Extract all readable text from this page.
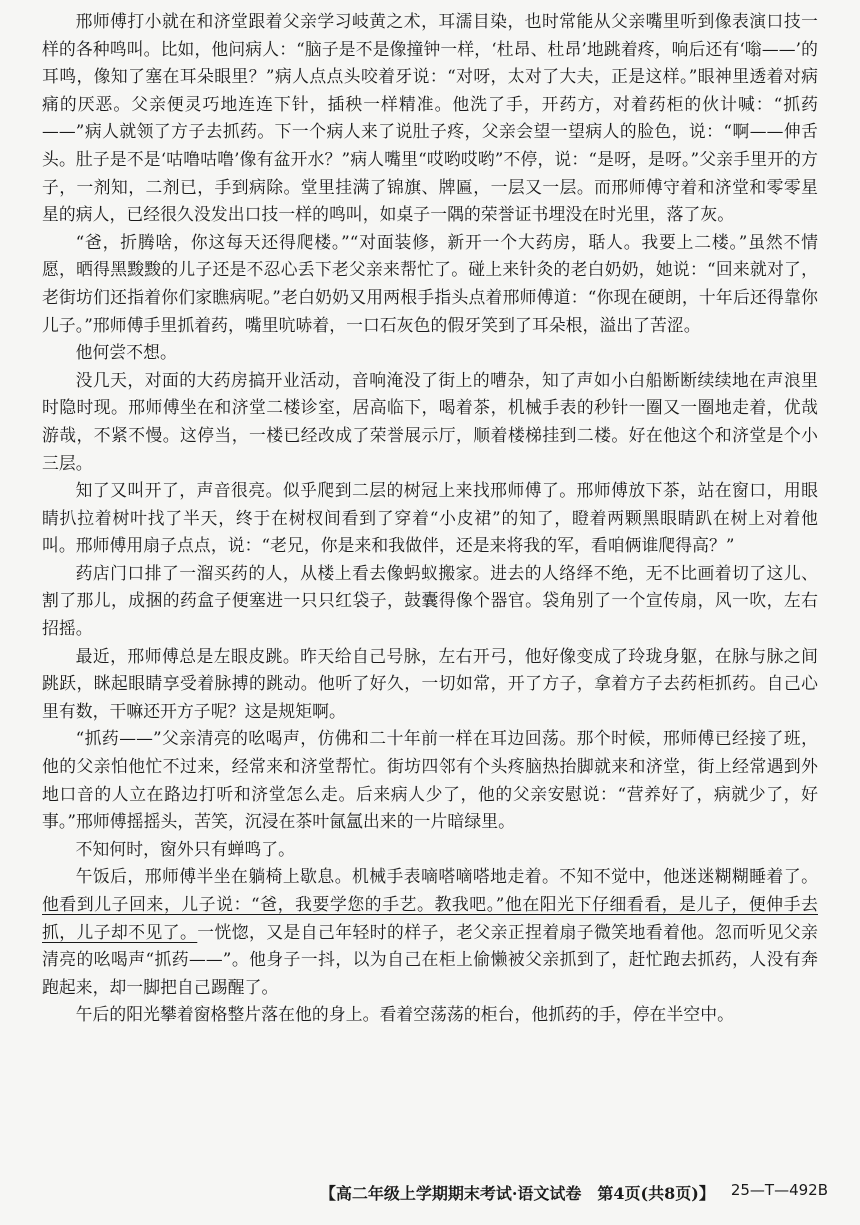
邢师傅打小就在和济堂跟着父亲学习岐黄之术，耳濡目染，也时常能从父亲嘴里听到像表演口技一样的各种鸣叫。比如，他问病人：“脑子是不是像撞钟一样，‘杜昂、杜昂’地跳着疼，响后还有‘嗡——’的耳鸣，像知了塞在耳朵眼里？”病人点点头咬着牙说：“对呀，太对了大夫，正是这样。”眼神里透着对病痛的厌恶。父亲便灵巧地连连下针，插秧一样精准。他洗了手，开药方，对着药柜的伙计喊：“抓药——”病人就领了方子去抓药。下一个病人来了说肚子疼，父亲会望一望病人的脸色，说：“啊——伸舌头。肚子是不是‘咕噜咕噜’像有盆开水？”病人嘴里“哎哟哎哟”不停，说：“是呀，是呀。”父亲手里开的方子，一剂知，二剂已，手到病除。堂里挂满了锦旗、牌匾，一层又一层。而邢师傅守着和济堂和零零星星的病人，已经很久没发出口技一样的鸣叫，如桌子一隅的荣誉证书埋没在时光里，落了灰。

“爸，折腾啥，你这每天还得爬楼。”“对面装修，新开一个大药房，聒人。我要上二楼。”虽然不情愿，晒得黑黢黢的儿子还是不忍心丢下老父亲来帮忙了。碰上来针灸的老白奶奶，她说：“回来就对了，老街坊们还指着你们家瞧病呢。”老白奶奶又用两根手指头点着邢师傅道：“你现在硬朗，十年后还得靠你儿子。”邢师傅手里抓着药，嘴里吭哧着，一口石灰色的假牙笑到了耳朵根，溢出了苦涩。

他何尝不想。

没几天，对面的大药房搞开业活动，音响淹没了街上的嘈杂，知了声如小白船断断续续地在声浪里时隐时现。邢师傅坐在和济堂二楼诊室，居高临下，喝着茶，机械手表的秒针一圈又一圈地走着，优哉游哉，不紧不慢。这停当，一楼已经改成了荣誉展示厅，顺着楼梯挂到二楼。好在他这个和济堂是个小三层。

知了又叫开了，声音很亮。似乎爬到二层的树冠上来找邢师傅了。邢师傅放下茶，站在窗口，用眼睛扒拉着树叶找了半天，终于在树杈间看到了穿着“小皮裙”的知了，瞪着两颗黑眼睛趴在树上对着他叫。邢师傅用扇子点点，说：“老兄，你是来和我做伴，还是来将我的军，看咱俩谁爬得高？”

药店门口排了一溜买药的人，从楼上看去像蚂蚁搬家。进去的人络绎不绝，无不比画着切了这儿、割了那儿，成捆的药盒子便塞进一只只红袋子，鼓囊得像个器官。袋角别了一个宣传扇，风一吹，左右招摇。

最近，邢师傅总是左眼皮跳。昨天给自己号脉，左右开弓，他好像变成了玲珑身躯，在脉与脉之间跳跃，眯起眼睛享受着脉搏的跳动。他听了好久，一切如常，开了方子，拿着方子去药柜抓药。自己心里有数，干嘛还开方子呢？这是规矩啊。

“抓药——”父亲清亮的吆喝声，仿佛和二十年前一样在耳边回荡。那个时候，邢师傅已经接了班，他的父亲怕他忙不过来，经常来和济堂帮忙。街坊四邻有个头疼脑热抬脚就来和济堂，街上经常遇到外地口音的人立在路边打听和济堂怎么走。后来病人少了，他的父亲安慰说：“营养好了，病就少了，好事。”邢师傅摇摇头，苦笑，沉浸在茶叶氤氲出来的一片暗绿里。

不知何时，窗外只有蝉鸣了。

午饭后，邢师傅半坐在躺椅上歇息。机械手表嘀嗒嘀嗒地走着。不知不觉中，他迷迷糊糊睡着了。他看到儿子回来，儿子说：“爸，我要学您的手艺。教我吧。”他在阳光下仔细看看，是儿子，便伸手去抓，儿子却不见了。一恍惚，又是自己年轻时的样子，老父亲正捏着扇子微笑地看着他。忽而听见父亲清亮的吆喝声“抓药——”。他身子一抖，以为自己在柜上偷懒被父亲抓到了，赶忙跑去抓药，人没有奔跑起来，却一脚把自己踢醒了。

午后的阳光攀着窗格整片落在他的身上。看着空荡荡的柜台，他抓药的手，停在半空中。

【高二年级上学期期末考试·语文试卷　第4页(共8页)】 25—T—492B
